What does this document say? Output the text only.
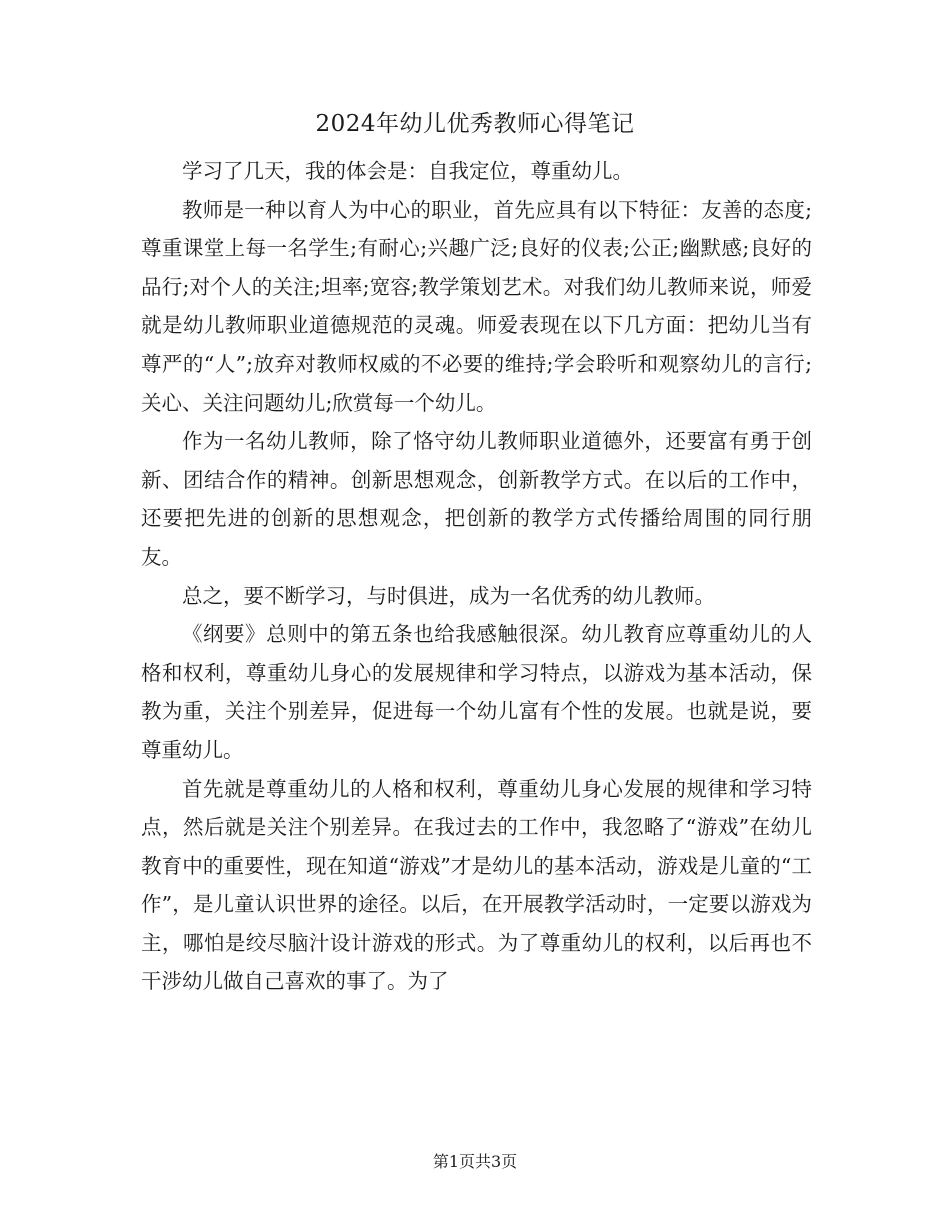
2024年幼儿优秀教师心得笔记

学习了几天，我的体会是：自我定位，尊重幼儿。

教师是一种以育人为中心的职业，首先应具有以下特征：友善的态度;尊重课堂上每一名学生;有耐心;兴趣广泛;良好的仪表;公正;幽默感;良好的品行;对个人的关注;坦率;宽容;教学策划艺术。对我们幼儿教师来说，师爱就是幼儿教师职业道德规范的灵魂。师爱表现在以下几方面：把幼儿当有尊严的“人”;放弃对教师权威的不必要的维持;学会聆听和观察幼儿的言行;关心、关注问题幼儿;欣赏每一个幼儿。

作为一名幼儿教师，除了恪守幼儿教师职业道德外，还要富有勇于创新、团结合作的精神。创新思想观念，创新教学方式。在以后的工作中，还要把先进的创新的思想观念，把创新的教学方式传播给周围的同行朋友。

总之，要不断学习，与时俱进，成为一名优秀的幼儿教师。

《纲要》总则中的第五条也给我感触很深。幼儿教育应尊重幼儿的人格和权利，尊重幼儿身心的发展规律和学习特点，以游戏为基本活动，保教为重，关注个别差异，促进每一个幼儿富有个性的发展。也就是说，要尊重幼儿。

首先就是尊重幼儿的人格和权利，尊重幼儿身心发展的规律和学习特点，然后就是关注个别差异。在我过去的工作中，我忽略了“游戏”在幼儿教育中的重要性，现在知道“游戏”才是幼儿的基本活动，游戏是儿童的“工作”，是儿童认识世界的途径。以后，在开展教学活动时，一定要以游戏为主，哪怕是绞尽脑汁设计游戏的形式。为了尊重幼儿的权利，以后再也不干涉幼儿做自己喜欢的事了。为了

第1页共3页
